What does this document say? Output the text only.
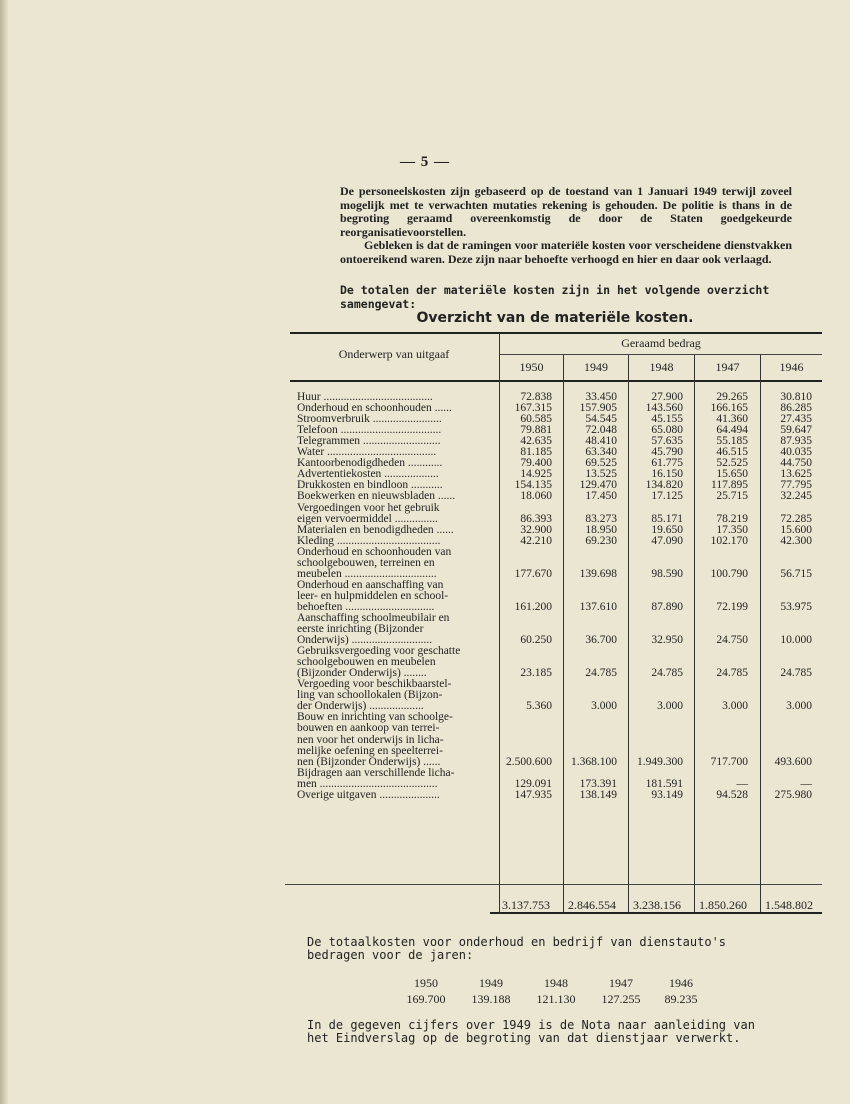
— 5 —

De personeelskosten zijn gebaseerd op de toestand van 1 Januari 1949 terwijl zoveel mogelijk met te verwachten mutaties rekening is gehouden. De politie is thans in de begroting geraamd overeenkomstig de door de Staten goedgekeurde reorganisatievoorstellen.

Gebleken is dat de ramingen voor materiële kosten voor verscheidene dienstvakken ontoereikend waren. Deze zijn naar behoefte verhoogd en hier en daar ook verlaagd.

De totalen der materiële kosten zijn in het volgende overzicht samengevat:

Overzicht van de materiële kosten.
Onderwerp van uitgaaf
Geraamd bedrag
1950	1949	1948	1947	1946
Huur ......................................	72.838	33.450	27.900	29.265	30.810
Onderhoud en schoonhouden ......	167.315	157.905	143.560	166.165	86.285
Stroomverbruik ........................	60.585	54.545	45.155	41.360	27.435
Telefoon ...................................	79.881	72.048	65.080	64.494	59.647
Telegrammen ...........................	42.635	48.410	57.635	55.185	87.935
Water ......................................	81.185	63.340	45.790	46.515	40.035
Kantoorbenodigdheden ............	79.400	69.525	61.775	52.525	44.750
Advertentiekosten ...................	14.925	13.525	16.150	15.650	13.625
Drukkosten en bindloon ...........	154.135	129.470	134.820	117.895	77.795
Boekwerken en nieuwsbladen ......	18.060	17.450	17.125	25.715	32.245
Vergoedingen voor het gebruik
eigen vervoermiddel ...............	86.393	83.273	85.171	78.219	72.285
Materialen en benodigdheden ......	32.900	18.950	19.650	17.350	15.600
Kleding ....................................	42.210	69.230	47.090	102.170	42.300
Onderhoud en schoonhouden van
schoolgebouwen, terreinen en
meubelen ................................	177.670	139.698	98.590	100.790	56.715
Onderhoud en aanschaffing van
leer- en hulpmiddelen en school-
behoeften ...............................	161.200	137.610	87.890	72.199	53.975
Aanschaffing schoolmeubilair en
eerste inrichting (Bijzonder
Onderwijs) ............................	60.250	36.700	32.950	24.750	10.000
Gebruiksvergoeding voor geschatte
schoolgebouwen en meubelen
(Bijzonder Onderwijs) ........	23.185	24.785	24.785	24.785	24.785
Vergoeding voor beschikbaarstel-
ling van schoollokalen (Bijzon-
der Onderwijs) ...................	5.360	3.000	3.000	3.000	3.000
Bouw en inrichting van schoolge-
bouwen en aankoop van terrei-
nen voor het onderwijs in licha-
melijke oefening en speelterrei-
nen (Bijzonder Onderwijs) ......	2.500.600	1.368.100	1.949.300	717.700	493.600
Bijdragen aan verschillende licha-
men .........................................	129.091	173.391	181.591	—	—
Overige uitgaven .....................	147.935	138.149	93.149	94.528	275.980
3.137.753	2.846.554	3.238.156	1.850.260	1.548.802

De totaalkosten voor onderhoud en bedrijf van dienstauto's bedragen voor de jaren:

1950	1949	1948	1947	1946
169.700	139.188	121.130	127.255	89.235

In de gegeven cijfers over 1949 is de Nota naar aanleiding van het Eindverslag op de begroting van dat dienstjaar verwerkt.
